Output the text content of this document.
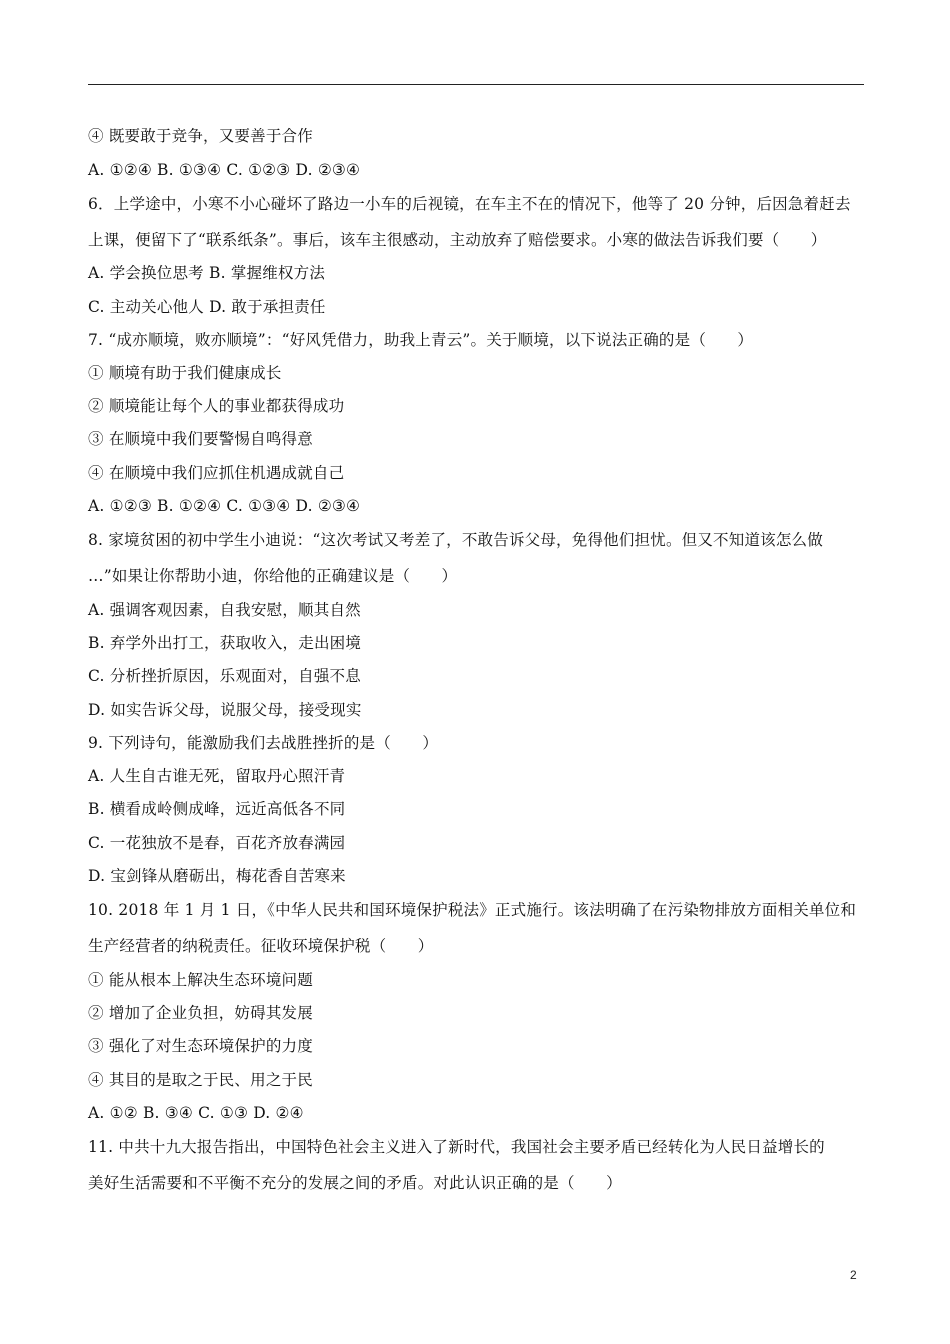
④ 既要敢于竞争，又要善于合作
A. ①②④ B. ①③④ C. ①②③ D. ②③④
6．上学途中，小寒不小心碰坏了路边一小车的后视镜，在车主不在的情况下，他等了 20 分钟，后因急着赶去
上课，便留下了“联系纸条”。事后，该车主很感动，主动放弃了赔偿要求。小寒的做法告诉我们要（　　）
A. 学会换位思考 B. 掌握维权方法
C. 主动关心他人 D. 敢于承担责任
7. “成亦顺境，败亦顺境”：“好风凭借力，助我上青云”。关于顺境，以下说法正确的是（　　）
① 顺境有助于我们健康成长
② 顺境能让每个人的事业都获得成功
③ 在顺境中我们要警惕自鸣得意
④ 在顺境中我们应抓住机遇成就自己
A. ①②③ B. ①②④ C. ①③④ D. ②③④
8. 家境贫困的初中学生小迪说：“这次考试又考差了，不敢告诉父母，免得他们担忧。但又不知道该怎么做
…”如果让你帮助小迪，你给他的正确建议是（　　）
A. 强调客观因素，自我安慰，顺其自然
B. 弃学外出打工，获取收入，走出困境
C. 分析挫折原因，乐观面对，自强不息
D. 如实告诉父母，说服父母，接受现实
9. 下列诗句，能激励我们去战胜挫折的是（　　）
A. 人生自古谁无死，留取丹心照汗青
B. 横看成岭侧成峰，远近高低各不同
C. 一花独放不是春，百花齐放春满园
D. 宝剑锋从磨砺出，梅花香自苦寒来
10. 2018 年 1 月 1 日，《中华人民共和国环境保护税法》正式施行。该法明确了在污染物排放方面相关单位和
生产经营者的纳税责任。征收环境保护税（　　）
① 能从根本上解决生态环境问题
② 增加了企业负担，妨碍其发展
③ 强化了对生态环境保护的力度
④ 其目的是取之于民、用之于民
A. ①② B. ③④ C. ①③ D. ②④
11. 中共十九大报告指出，中国特色社会主义进入了新时代，我国社会主要矛盾已经转化为人民日益增长的
美好生活需要和不平衡不充分的发展之间的矛盾。对此认识正确的是（　　）
2
